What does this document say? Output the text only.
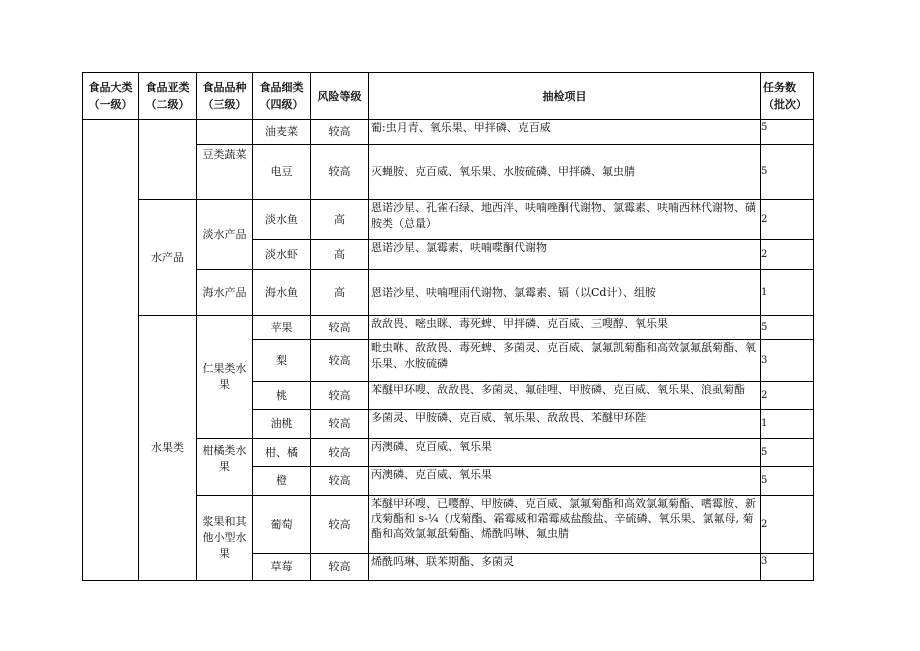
食品大类（一级）	食品亚类（二级）	食品品种（三级）	食品细类（四级）	风险等级	抽检项目	任务数（批次）
			油麦菜	较高	葡:虫月青、氧乐果、甲拌磷、克百威	5
		豆类蔬菜	电豆	较高	灭蝇胺、克百威、氧乐果、水胺硫磷、甲拌磷、氟虫腈	5
	水产品	淡水产品	淡水鱼	高	恩诺沙星、孔雀石绿、地西泮、呋喃唑酮代谢物、氯霉素、呋喃西林代谢物、磺胺类（总量）	2
			淡水虾	高	恩诺沙星、氯霉素、呋喃喋酮代谢物	2
		海水产品	海水鱼	高	恩诺沙星、呋喃哩雨代谢物、氯霉素、镉（以Cd计）、组胺	1
	水果类	仁果类水果	苹果	较高	敌敌畏、嘧虫眯、毒死蜱、甲拌磷、克百威、三嗖醇、氧乐果	5
			梨	较高	毗虫咻、敌敌畏、毒死蜱、多菌灵、克百威、氯氟凯菊酯和高效氯氟舐菊酯、氧乐果、水胺硫磷	3
			桃	较高	苯醚甲环嗖、敌敌畏、多菌灵、氟硅哩、甲胺磷、克百威、氧乐果、浪虱菊酯	2
			油桃	较高	多菌灵、甲胺磷、克百威、氧乐果、敌敌畏、苯醚甲环陛	1
		柑橘类水果	柑、橘	较高	丙澳磷、克百威、氧乐果	5
			橙	较高	丙澳磷、克百威、氧乐果	5
		浆果和其他小型水果	葡萄	较高	苯醚甲环嗖、已嘤醇、甲胺磷、克百威、氯氟菊酯和高效氯氟菊酯、嗜霉胺、新戊菊酯和 s-¼（戊菊酯、霜霉威和霜霉威盐酸盐、辛硫磷、氧乐果、氯氟母, 菊酯和高效氯氟舐菊酯、烯酰吗啉、氟虫腈	2
			草莓	较高	烯酰吗琳、联苯期酯、多菌灵	3
